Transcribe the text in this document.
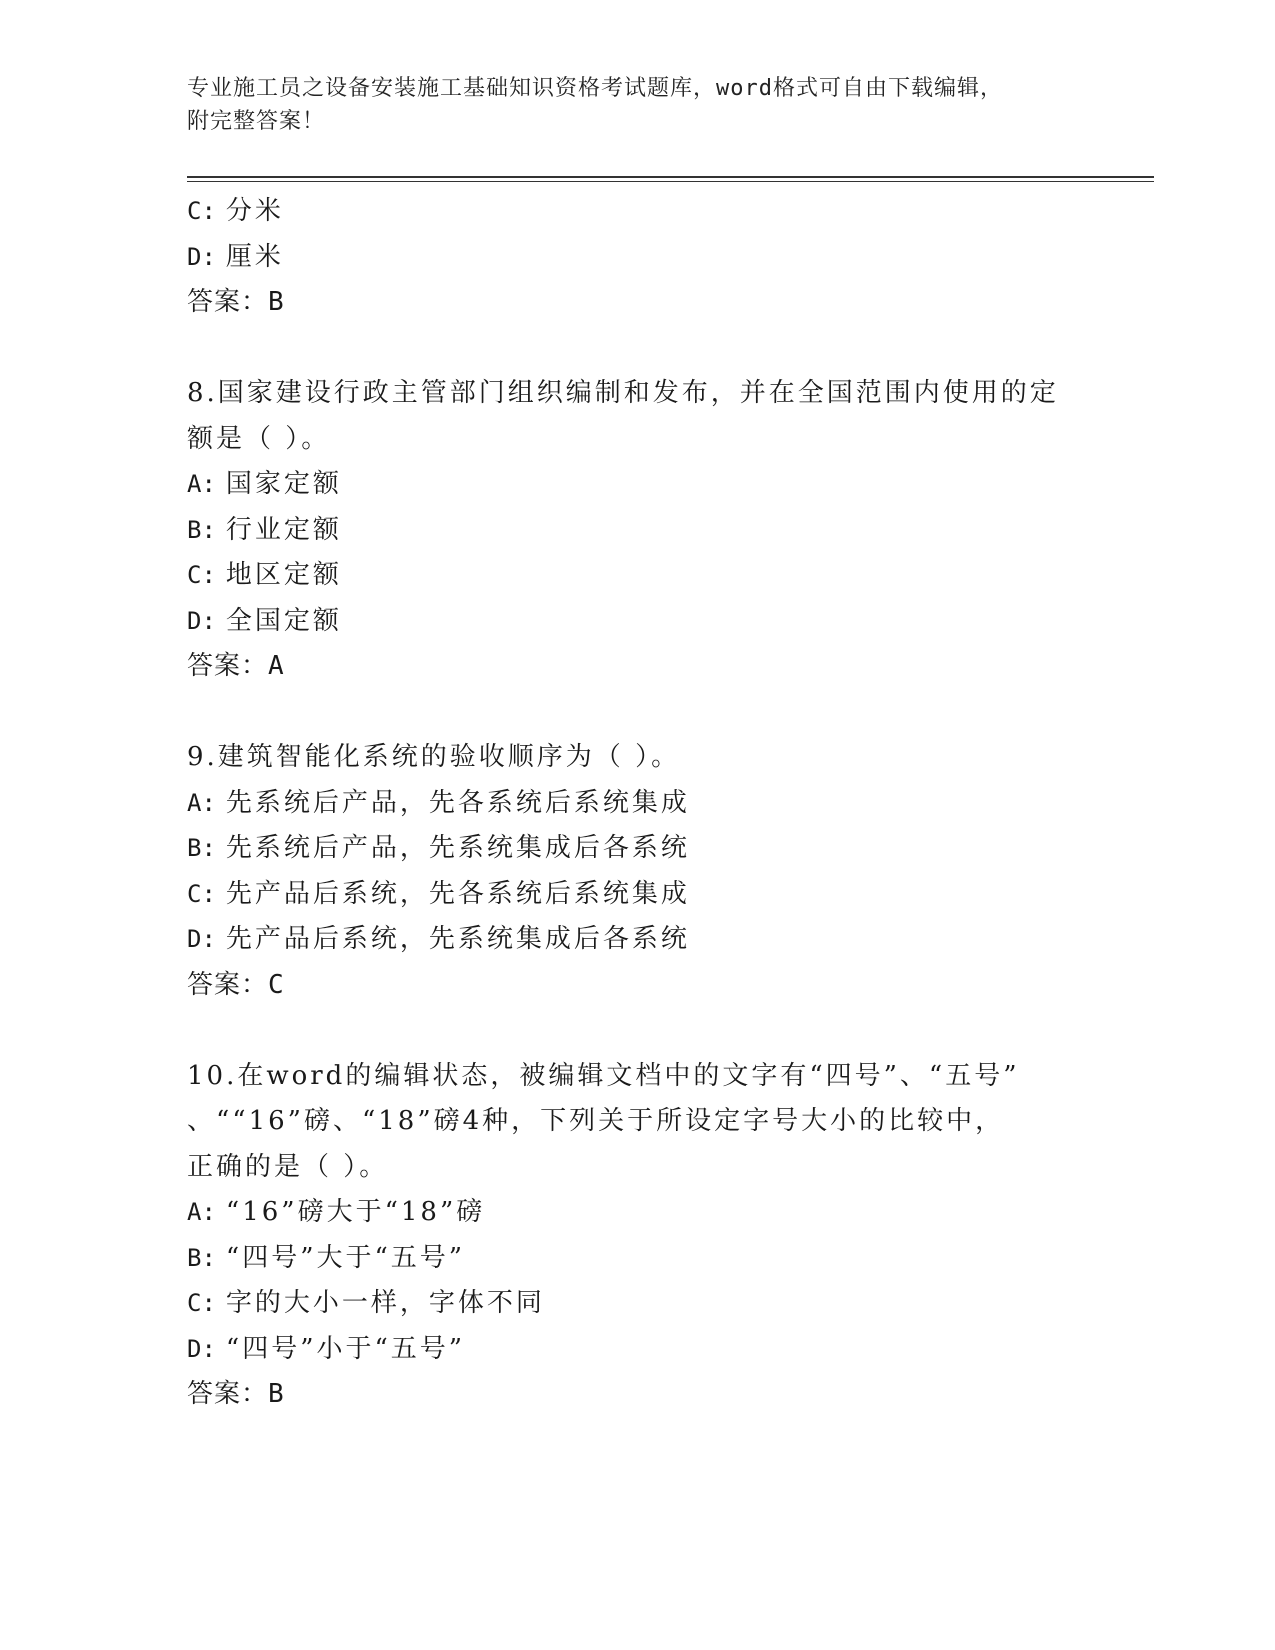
专业施工员之设备安装施工基础知识资格考试题库，word格式可自由下载编辑，
附完整答案！
C: 分米
D: 厘米
答案：B
8.国家建设行政主管部门组织编制和发布，并在全国范围内使用的定
额是（ ）。
A: 国家定额
B: 行业定额
C: 地区定额
D: 全国定额
答案：A
9.建筑智能化系统的验收顺序为（ ）。
A: 先系统后产品，先各系统后系统集成
B: 先系统后产品，先系统集成后各系统
C: 先产品后系统，先各系统后系统集成
D: 先产品后系统，先系统集成后各系统
答案：C
10.在word的编辑状态，被编辑文档中的文字有“四号”、“五号”
、““16”磅、“18”磅4种，下列关于所设定字号大小的比较中，
正确的是（ ）。
A: “16”磅大于“18”磅
B: “四号”大于“五号”
C: 字的大小一样，字体不同
D: “四号”小于“五号”
答案：B
